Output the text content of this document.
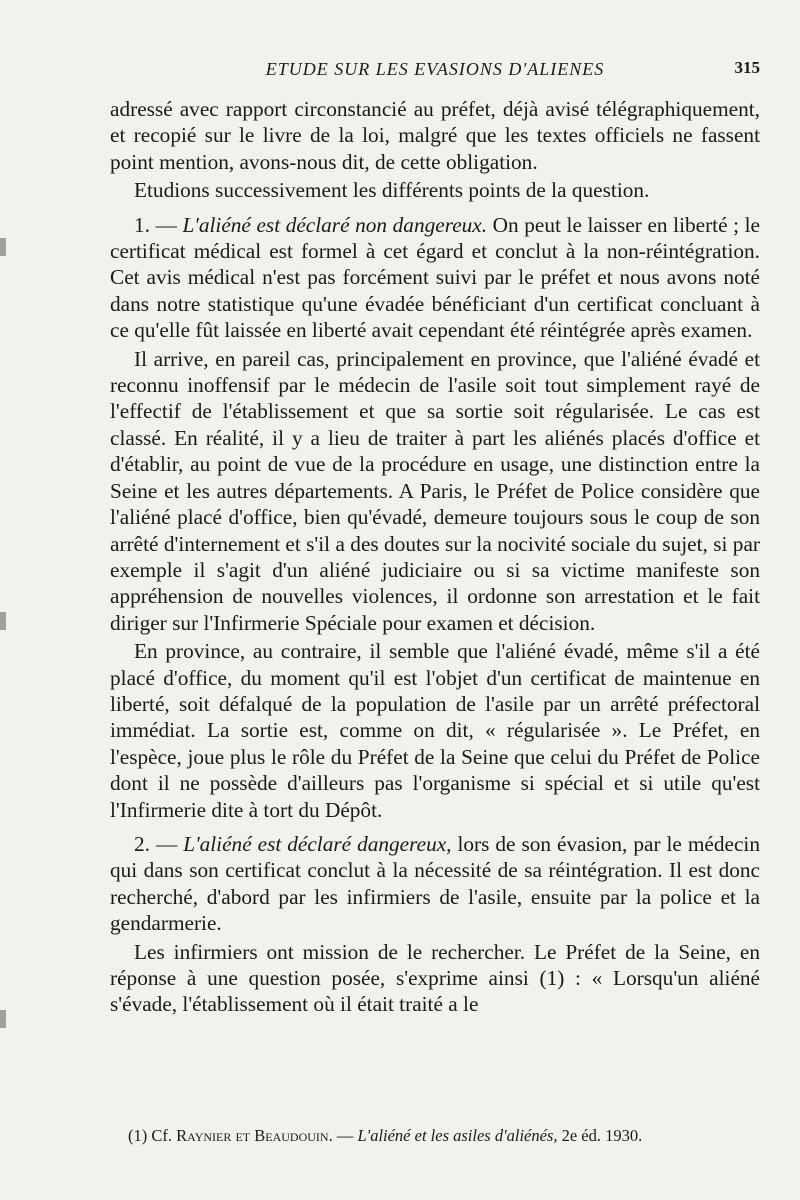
ETUDE SUR LES EVASIONS D'ALIENES	315

adressé avec rapport circonstancié au préfet, déjà avisé télégraphiquement, et recopié sur le livre de la loi, malgré que les textes officiels ne fassent point mention, avons-nous dit, de cette obligation.

Etudions successivement les différents points de la question.

1. — L'aliéné est déclaré non dangereux. On peut le laisser en liberté ; le certificat médical est formel à cet égard et conclut à la non-réintégration. Cet avis médical n'est pas forcément suivi par le préfet et nous avons noté dans notre statistique qu'une évadée bénéficiant d'un certificat concluant à ce qu'elle fût laissée en liberté avait cependant été réintégrée après examen.

Il arrive, en pareil cas, principalement en province, que l'aliéné évadé et reconnu inoffensif par le médecin de l'asile soit tout simplement rayé de l'effectif de l'établissement et que sa sortie soit régularisée. Le cas est classé. En réalité, il y a lieu de traiter à part les aliénés placés d'office et d'établir, au point de vue de la procédure en usage, une distinction entre la Seine et les autres départements. A Paris, le Préfet de Police considère que l'aliéné placé d'office, bien qu'évadé, demeure toujours sous le coup de son arrêté d'internement et s'il a des doutes sur la nocivité sociale du sujet, si par exemple il s'agit d'un aliéné judiciaire ou si sa victime manifeste son appréhension de nouvelles violences, il ordonne son arrestation et le fait diriger sur l'Infirmerie Spéciale pour examen et décision.

En province, au contraire, il semble que l'aliéné évadé, même s'il a été placé d'office, du moment qu'il est l'objet d'un certificat de maintenue en liberté, soit défalqué de la population de l'asile par un arrêté préfectoral immédiat. La sortie est, comme on dit, « régularisée ». Le Préfet, en l'espèce, joue plus le rôle du Préfet de la Seine que celui du Préfet de Police dont il ne possède d'ailleurs pas l'organisme si spécial et si utile qu'est l'Infirmerie dite à tort du Dépôt.

2. — L'aliéné est déclaré dangereux, lors de son évasion, par le médecin qui dans son certificat conclut à la nécessité de sa réintégration. Il est donc recherché, d'abord par les infirmiers de l'asile, ensuite par la police et la gendarmerie.

Les infirmiers ont mission de le rechercher. Le Préfet de la Seine, en réponse à une question posée, s'exprime ainsi (1) : « Lorsqu'un aliéné s'évade, l'établissement où il était traité a le

(1) Cf. Raynier et Beaudouin. — L'aliéné et les asiles d'aliénés, 2e éd. 1930.
